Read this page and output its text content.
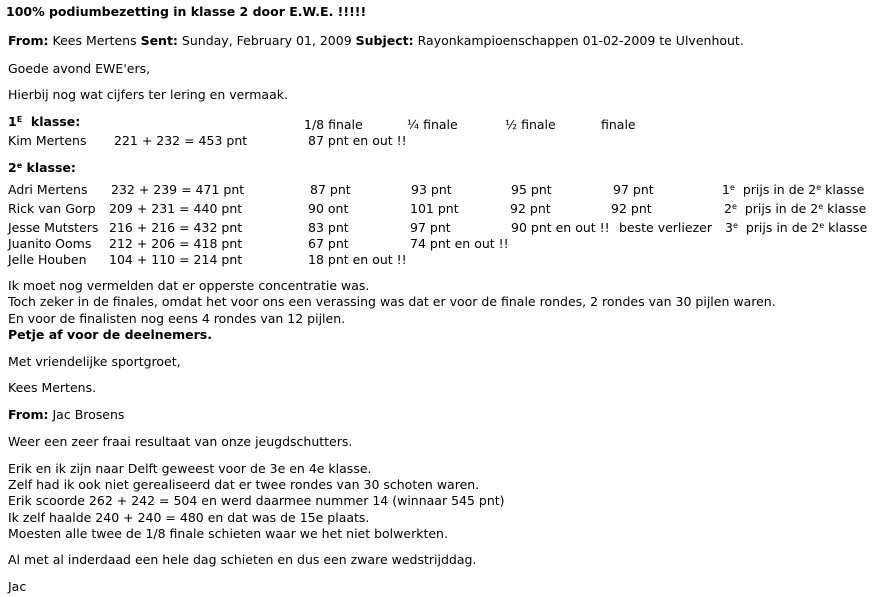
100% podiumbezetting in klasse 2 door E.W.E. !!!!!
From: Kees Mertens Sent: Sunday, February 01, 2009 Subject: Rayonkampioenschappen 01-02-2009 te Ulvenhout.
Goede avond EWE'ers,
Hierbij nog wat cijfers ter lering en vermaak.
$1^E$ klasse:	1/8 finale	¼ finale	½ finale	finale
Kim Mertens 221 + 232 = 453 pnt	87 pnt en out !!
2e klasse:
Adri Mertens 232 + 239 = 471 pnt	87 pnt	93 pnt	95 pnt	97 pnt	1e prijs in de 2e klasse
Rick van Gorp 209 + 231 = 440 pnt	90 ont	101 pnt	92 pnt	92 pnt	2e prijs in de 2e klasse
Jesse Mutsters 216 + 216 = 432 pnt	83 pnt	97 pnt	90 pnt en out !! beste verliezer 3e prijs in de 2e klasse
Juanito Ooms 212 + 206 = 418 pnt	67 pnt	74 pnt en out !!
Jelle Houben 104 + 110 = 214 pnt	18 pnt en out !!
Ik moet nog vermelden dat er opperste concentratie was.
Toch zeker in de finales, omdat het voor ons een verassing was dat er voor de finale rondes, 2 rondes van 30 pijlen waren.
En voor de finalisten nog eens 4 rondes van 12 pijlen.
Petje af voor de deelnemers.
Met vriendelijke sportgroet,
Kees Mertens.
From: Jac Brosens
Weer een zeer fraai resultaat van onze jeugdschutters.
Erik en ik zijn naar Delft geweest voor de 3e en 4e klasse.
Zelf had ik ook niet gerealiseerd dat er twee rondes van 30 schoten waren.
Erik scoorde 262 + 242 = 504 en werd daarmee nummer 14 (winnaar 545 pnt)
Ik zelf haalde 240 + 240 = 480 en dat was de 15e plaats.
Moesten alle twee de 1/8 finale schieten waar we het niet bolwerkten.
Al met al inderdaad een hele dag schieten en dus een zware wedstrijddag.
Jac
